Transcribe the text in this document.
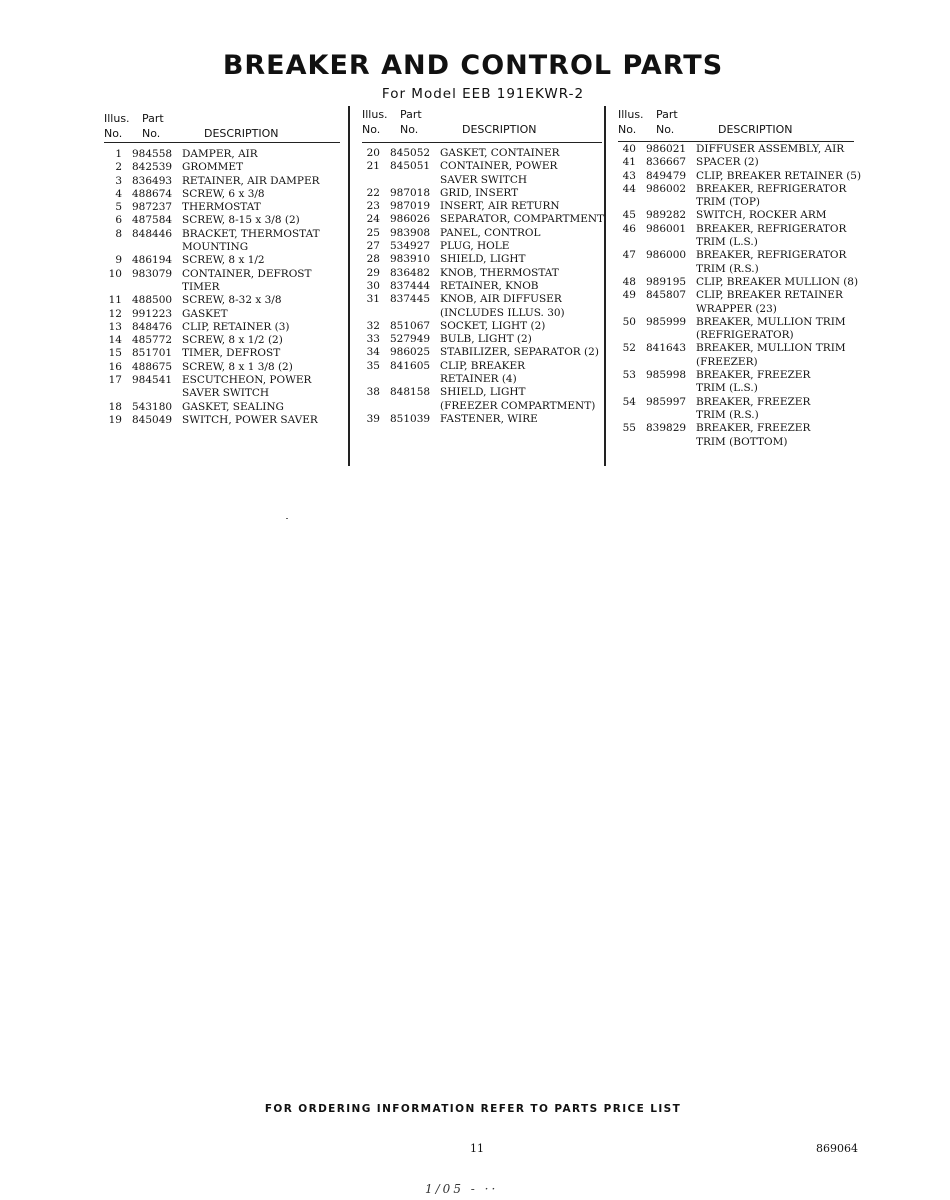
BREAKER AND CONTROL PARTS
For Model EEB 191EKWR-2
Illus. Part
No. No.	DESCRIPTION
1 984558 DAMPER, AIR
2 842539 GROMMET
3 836493 RETAINER, AIR DAMPER
4 488674 SCREW, 6 x 3/8
5 987237 THERMOSTAT
6 487584 SCREW, 8-15 x 3/8 (2)
8 848446 BRACKET, THERMOSTAT
MOUNTING
9 486194 SCREW, 8 x 1/2
10 983079 CONTAINER, DEFROST
TIMER
11 488500 SCREW, 8-32 x 3/8
12 991223 GASKET
13 848476 CLIP, RETAINER (3)
14 485772 SCREW, 8 x 1/2 (2)
15 851701 TIMER, DEFROST
16 488675 SCREW, 8 x 1 3/8 (2)
17 984541 ESCUTCHEON, POWER
SAVER SWITCH
18 543180 GASKET, SEALING
19 845049 SWITCH, POWER SAVER
Illus. Part
No. No.	DESCRIPTION
20 845052 GASKET, CONTAINER
21 845051 CONTAINER, POWER
SAVER SWITCH
22 987018 GRID, INSERT
23 987019 INSERT, AIR RETURN
24 986026 SEPARATOR, COMPARTMENT
25 983908 PANEL, CONTROL
27 534927 PLUG, HOLE
28 983910 SHIELD, LIGHT
29 836482 KNOB, THERMOSTAT
30 837444 RETAINER, KNOB
31 837445 KNOB, AIR DIFFUSER
(INCLUDES ILLUS. 30)
32 851067 SOCKET, LIGHT (2)
33 527949 BULB, LIGHT (2)
34 986025 STABILIZER, SEPARATOR (2)
35 841605 CLIP, BREAKER
RETAINER (4)
38 848158 SHIELD, LIGHT
(FREEZER COMPARTMENT)
39 851039 FASTENER, WIRE
Illus. Part
No. No.	DESCRIPTION
40 986021 DIFFUSER ASSEMBLY, AIR
41 836667 SPACER (2)
43 849479 CLIP, BREAKER RETAINER (5)
44 986002 BREAKER, REFRIGERATOR
TRIM (TOP)
45 989282 SWITCH, ROCKER ARM
46 986001 BREAKER, REFRIGERATOR
TRIM (L.S.)
47 986000 BREAKER, REFRIGERATOR
TRIM (R.S.)
48 989195 CLIP, BREAKER MULLION (8)
49 845807 CLIP, BREAKER RETAINER
WRAPPER (23)
50 985999 BREAKER, MULLION TRIM
(REFRIGERATOR)
52 841643 BREAKER, MULLION TRIM
(FREEZER)
53 985998 BREAKER, FREEZER
TRIM (L.S.)
54 985997 BREAKER, FREEZER
TRIM (R.S.)
55 839829 BREAKER, FREEZER
TRIM (BOTTOM)
FOR ORDERING INFORMATION REFER TO PARTS PRICE LIST
11	869064
1/05 - ··
